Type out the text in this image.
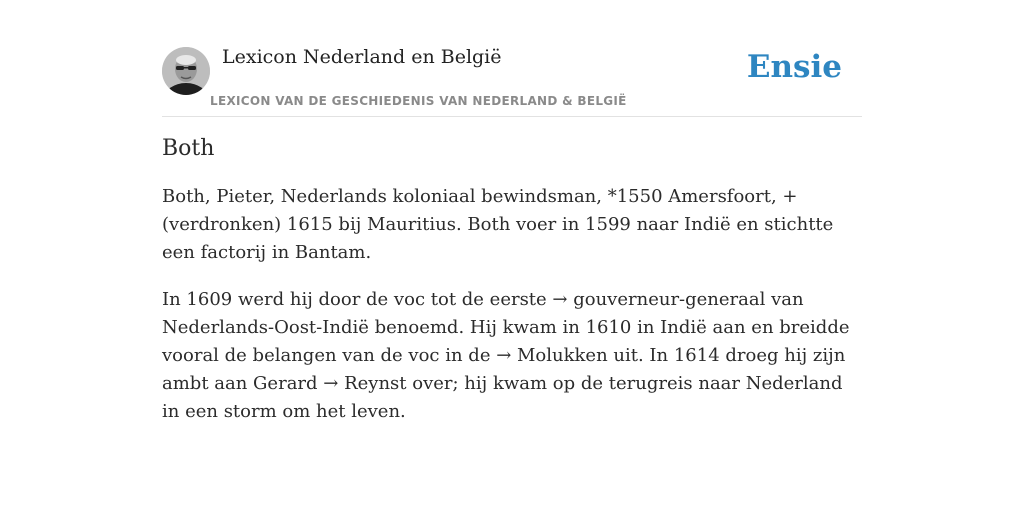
Lexicon Nederland en België
LEXICON VAN DE GESCHIEDENIS VAN NEDERLAND & BELGIË
Ensie
Both

Both, Pieter, Nederlands koloniaal bewindsman, *1550 Amersfoort, + (verdronken) 1615 bij Mauritius. Both voer in 1599 naar Indië en stichtte een factorij in Bantam.

In 1609 werd hij door de voc tot de eerste → gouverneur-generaal van Nederlands-Oost-Indië benoemd. Hij kwam in 1610 in Indië aan en breidde vooral de belangen van de voc in de → Molukken uit. In 1614 droeg hij zijn ambt aan Gerard → Reynst over; hij kwam op de terugreis naar Nederland in een storm om het leven.
